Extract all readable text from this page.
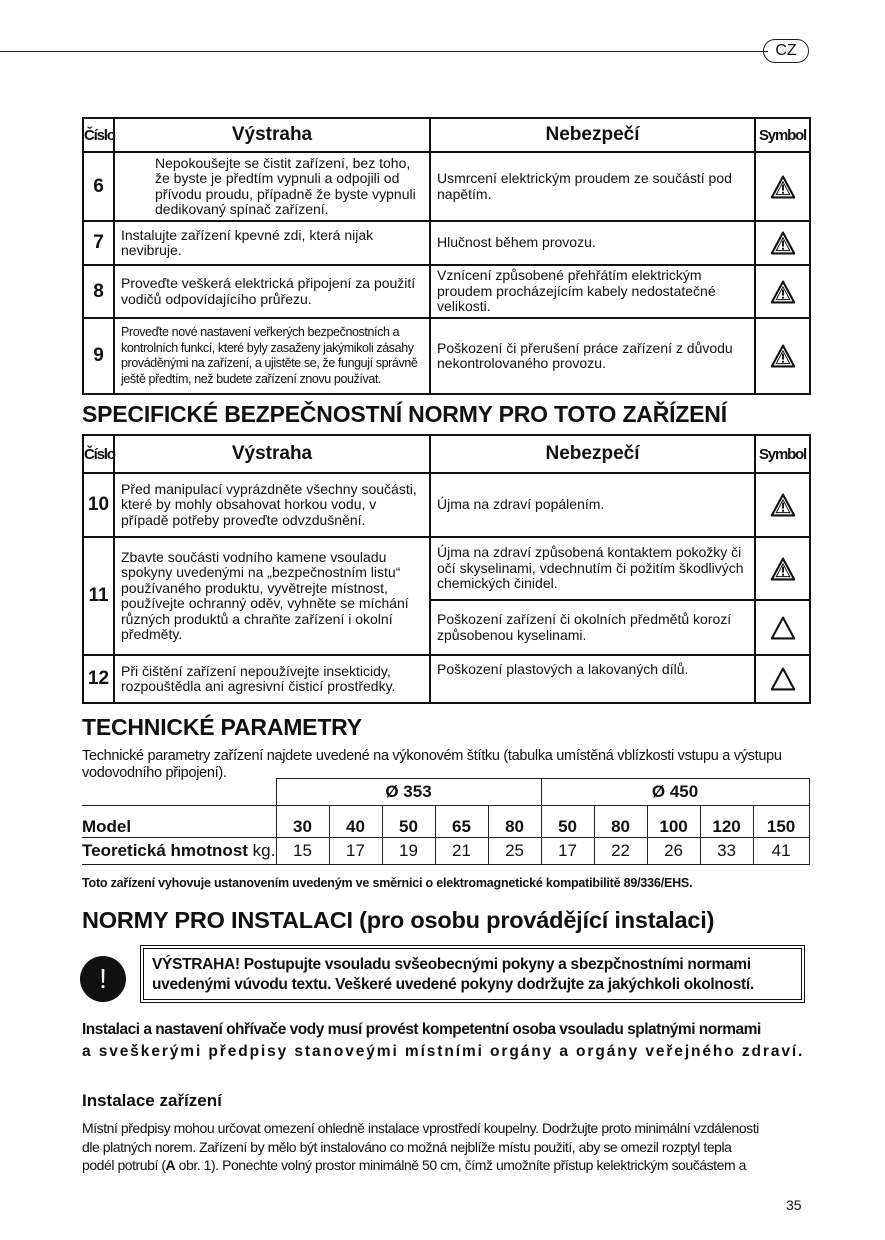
CZ
Číslo	Výstraha	Nebezpečí	Symbol
6	Nepokoušejte se čistit zařízení, bez toho, že byste je předtím vypnuli a odpojili od přívodu proudu, případně že byste vypnuli dedikovaný spínač zařízení.	Usmrcení elektrickým proudem ze součástí pod napětím.	

7	Instalujte zařízení kpevné zdi, která nijak nevibruje.	Hlučnost během provozu.	

8	Proveďte veškerá elektrická připojení za použití vodičů odpovídajícího průřezu.	Vznícení způsobené přehřátím elektrickým proudem procházejícím kabely nedostatečné velikosti.	

9	Proveďte nové nastavení veřkerých bezpečnostních a kontrolních funkcí, které byly zasaženy jakýmikoli zásahy prováděnými na zařízení, a ujistěte se, že fungují správně ještě předtím, než budete zařízení znovu používat.	Poškození či přerušení práce zařízení z důvodu nekontrolovaného provozu.	
SPECIFICKÉ BEZPEČNOSTNÍ NORMY PRO TOTO ZAŘÍZENÍ
Číslo	Výstraha	Nebezpečí	Symbol
10	Před manipulací vyprázdněte všechny součásti, které by mohly obsahovat horkou vodu, v případě potřeby proveďte odvzdušnění.	Újma na zdraví popálením.	

11	Zbavte součásti vodního kamene vsouladu spokyny uvedenými na „bezpečnostním listu“ používaného produktu, vyvětrejte místnost, používejte ochranný oděv, vyhněte se míchání různých produktů a chraňte zařízení i okolní předměty.	Újma na zdraví způsobená kontaktem pokožky či očí skyselinami, vdechnutím či požitím škodlivých chemických činidel.	

		Poškození zařízení či okolních předmětů korozí způsobenou kyselinami.	

12	Při čištění zařízení nepoužívejte insekticidy, rozpouštědla ani agresivní čisticí prostředky.	Poškození plastových a lakovaných dílů.	
TECHNICKÉ PARAMETRY
Technické parametry zařízení najdete uvedené na výkonovém štítku (tabulka umístěná vblízkosti vstupu a výstupu vodovodního připojení).
	Ø 353					Ø 450				
Model	30	40	50	65	80	50	80	100	120	150
Teoretická hmotnost kg.	15	17	19	21	25	17	22	26	33	41
Toto zařízení vyhovuje ustanovením uvedeným ve směrnici o elektromagnetické kompatibilitě 89/336/EHS.
NORMY PRO INSTALACI (pro osobu provádějící instalaci)
!	VÝSTRAHA! Postupujte vsouladu svšeobecnými pokyny a sbezpčnostními normami uvedenými vúvodu textu. Veškeré uvedené pokyny dodržujte za jakýchkoli okolností.
Instalaci a nastavení ohřívače vody musí provést kompetentní osoba vsouladu splatnými normami
a sveškerými předpisy stanoveými místními orgány a orgány veřejného zdraví.
Instalace zařízení
Místní předpisy mohou určovat omezení ohledně instalace vprostředí koupelny. Dodržujte proto minimální vzdálenosti
dle platných norem. Zařízení by mělo být instalováno co možná nejblíže místu použití, aby se omezil rozptyl tepla
podél potrubí (A obr. 1). Ponechte volný prostor minimálně 50 cm, čímž umožníte přístup kelektrickým součástem a
35
